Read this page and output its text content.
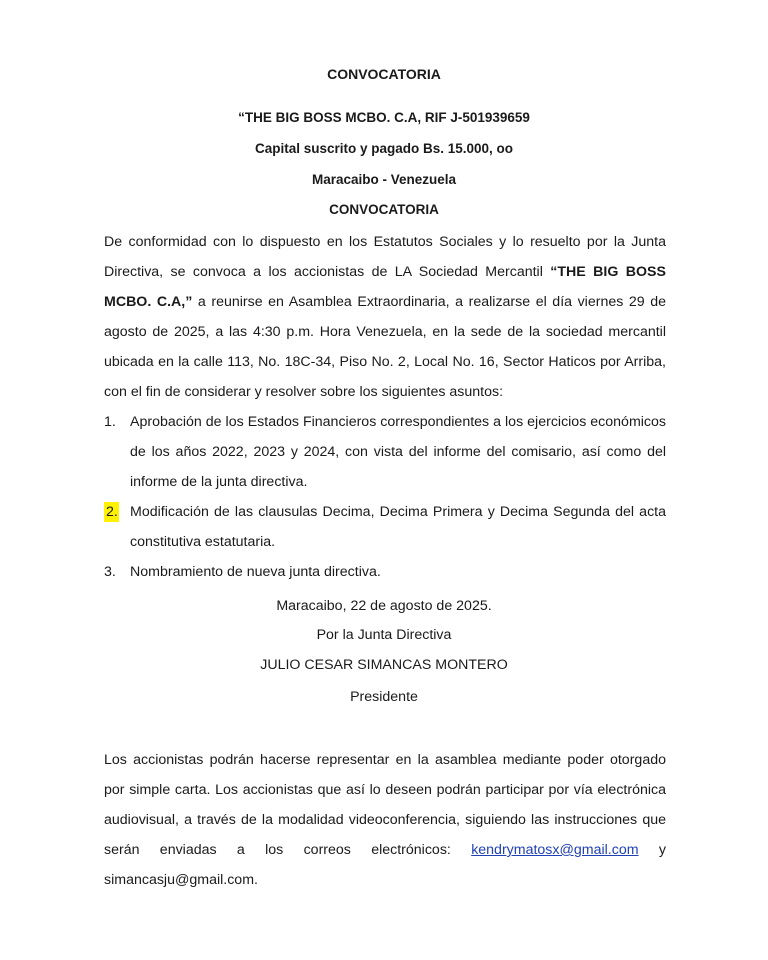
CONVOCATORIA
“THE BIG BOSS MCBO. C.A, RIF J-501939659
Capital suscrito y pagado Bs. 15.000, oo
Maracaibo - Venezuela
CONVOCATORIA
De conformidad con lo dispuesto en los Estatutos Sociales y lo resuelto por la Junta Directiva, se convoca a los accionistas de LA Sociedad Mercantil “THE BIG BOSS MCBO. C.A,” a reunirse en Asamblea Extraordinaria, a realizarse el día viernes 29 de agosto de 2025, a las 4:30 p.m. Hora Venezuela, en la sede de la sociedad mercantil ubicada en la calle 113, No. 18C-34, Piso No. 2, Local No. 16, Sector Haticos por Arriba, con el fin de considerar y resolver sobre los siguientes asuntos:
1. Aprobación de los Estados Financieros correspondientes a los ejercicios económicos de los años 2022, 2023 y 2024, con vista del informe del comisario, así como del informe de la junta directiva.
2. Modificación de las clausulas Decima, Decima Primera y Decima Segunda del acta constitutiva estatutaria.
3. Nombramiento de nueva junta directiva.
Maracaibo, 22 de agosto de 2025.
Por la Junta Directiva
JULIO CESAR SIMANCAS MONTERO
Presidente
Los accionistas podrán hacerse representar en la asamblea mediante poder otorgado por simple carta. Los accionistas que así lo deseen podrán participar por vía electrónica audiovisual, a través de la modalidad videoconferencia, siguiendo las instrucciones que serán enviadas a los correos electrónicos: kendrymatosx@gmail.com y simancasju@gmail.com.
